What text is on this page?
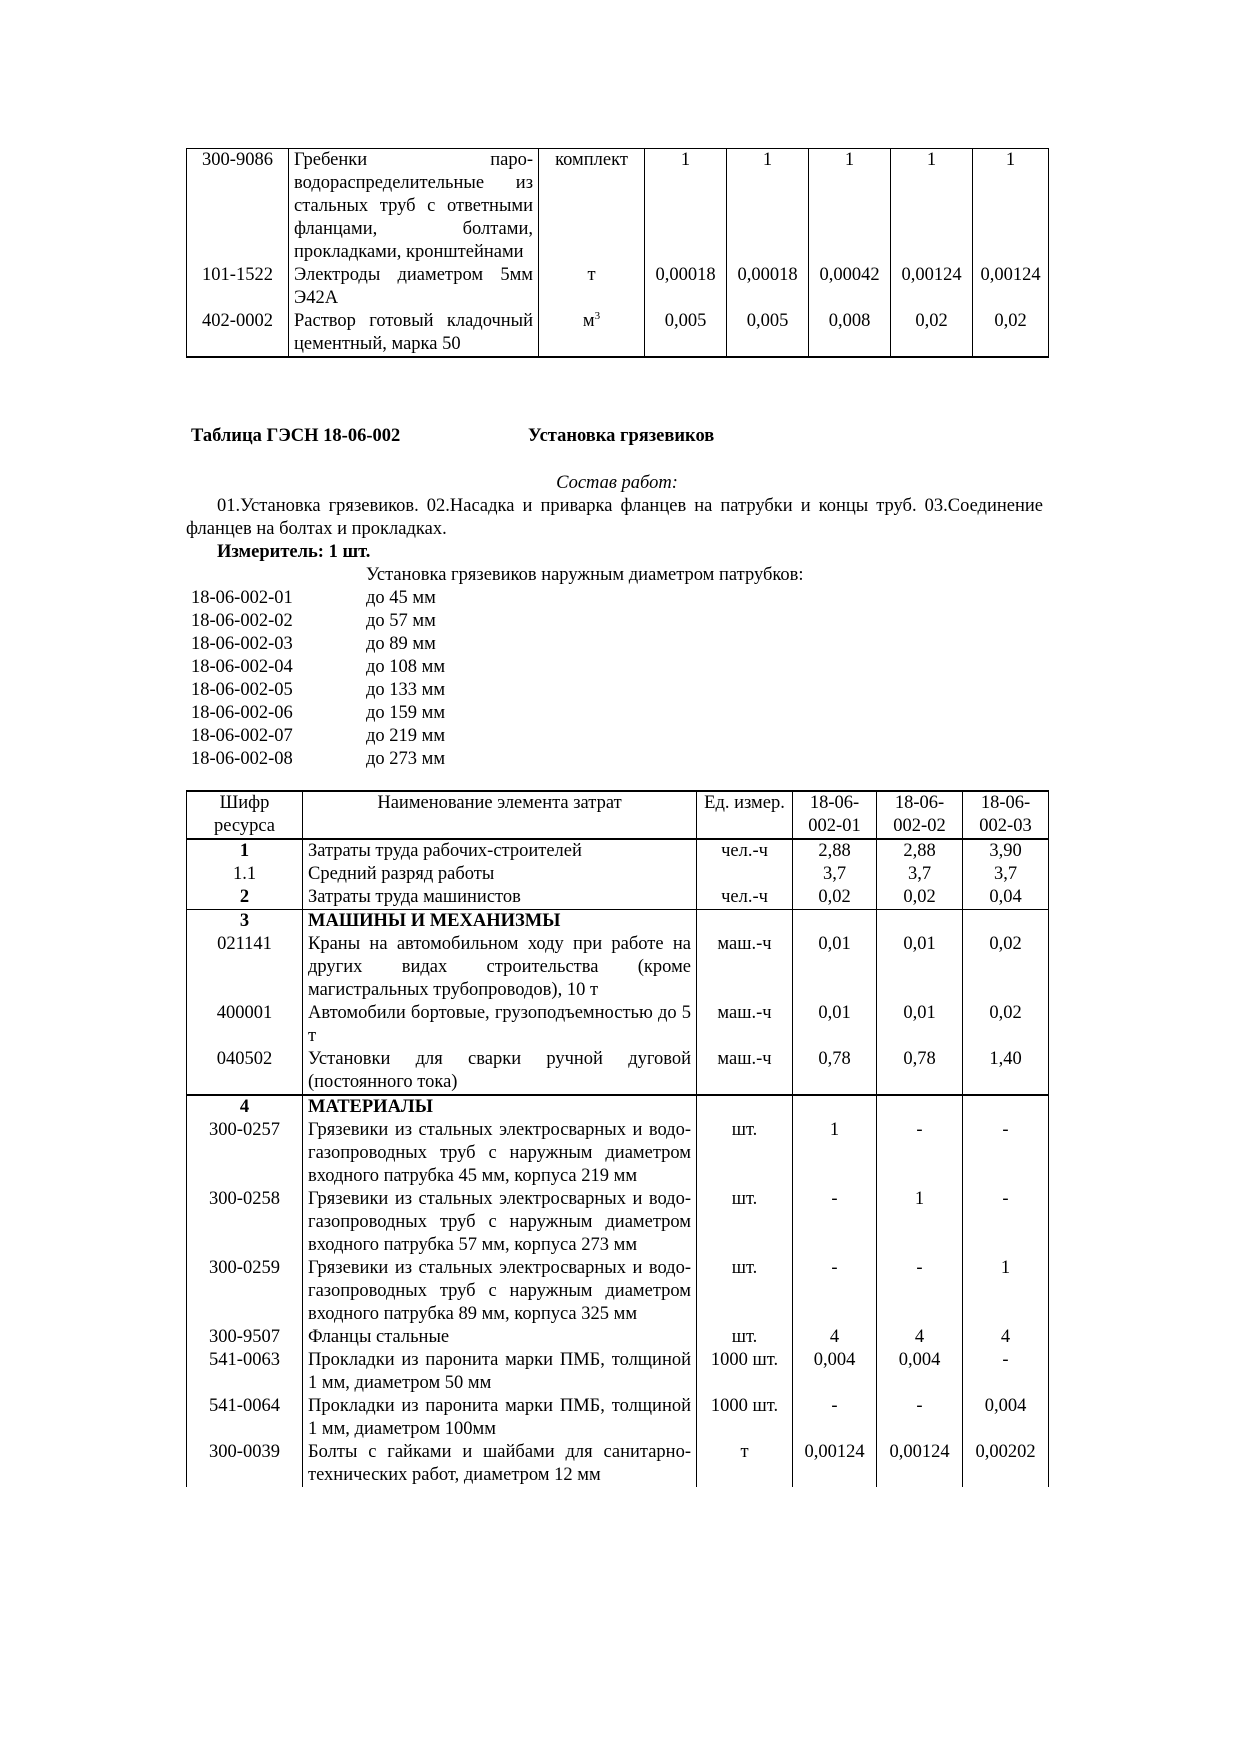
300-9086	Гребенки паро-водораспределительные из стальных труб с ответными фланцами, болтами, прокладками, кронштейнами	комплект	1	1	1	1	1
101-1522	Электроды диаметром 5мм Э42А	т	0,00018	0,00018	0,00042	0,00124	0,00124
402-0002	Раствор готовый кладочный цементный, марка 50	$м^3$	0,005	0,005	0,008	0,02	0,02
Таблица ГЭСН 18-06-002	Установка грязевиков
Состав работ:
01.Установка грязевиков. 02.Насадка и приварка фланцев на патрубки и концы труб. 03.Соединение фланцев на болтах и прокладках.
Измеритель: 1 шт.
Установка грязевиков наружным диаметром патрубков:
18-06-002-01	до 45 мм
18-06-002-02	до 57 мм
18-06-002-03	до 89 мм
18-06-002-04	до 108 мм
18-06-002-05	до 133 мм
18-06-002-06	до 159 мм
18-06-002-07	до 219 мм
18-06-002-08	до 273 мм
Шифр ресурса	Наименование элемента затрат	Ед. измер.	18-06-002-01	18-06-002-02	18-06-002-03
1	Затраты труда рабочих-строителей	чел.-ч	2,88	2,88	3,90
1.1	Средний разряд работы		3,7	3,7	3,7
2	Затраты труда машинистов	чел.-ч	0,02	0,02	0,04
3	МАШИНЫ И МЕХАНИЗМЫ				
021141	Краны на автомобильном ходу при работе на других видах строительства (кроме магистральных трубопроводов), 10 т	маш.-ч	0,01	0,01	0,02
400001	Автомобили бортовые, грузоподъемностью до 5 т	маш.-ч	0,01	0,01	0,02
040502	Установки для сварки ручной дуговой (постоянного тока)	маш.-ч	0,78	0,78	1,40
4	МАТЕРИАЛЫ				
300-0257	Грязевики из стальных электросварных и водо-газопроводных труб с наружным диаметром входного патрубка 45 мм, корпуса 219 мм	шт.	1	-	-
300-0258	Грязевики из стальных электросварных и водо-газопроводных труб с наружным диаметром входного патрубка 57 мм, корпуса 273 мм	шт.	-	1	-
300-0259	Грязевики из стальных электросварных и водо-газопроводных труб с наружным диаметром входного патрубка 89 мм, корпуса 325 мм	шт.	-	-	1
300-9507	Фланцы стальные	шт.	4	4	4
541-0063	Прокладки из паронита марки ПМБ, толщиной 1 мм, диаметром 50 мм	1000 шт.	0,004	0,004	-
541-0064	Прокладки из паронита марки ПМБ, толщиной 1 мм, диаметром 100мм	1000 шт.	-	-	0,004
300-0039	Болты с гайками и шайбами для санитарно-технических работ, диаметром 12 мм	т	0,00124	0,00124	0,00202
